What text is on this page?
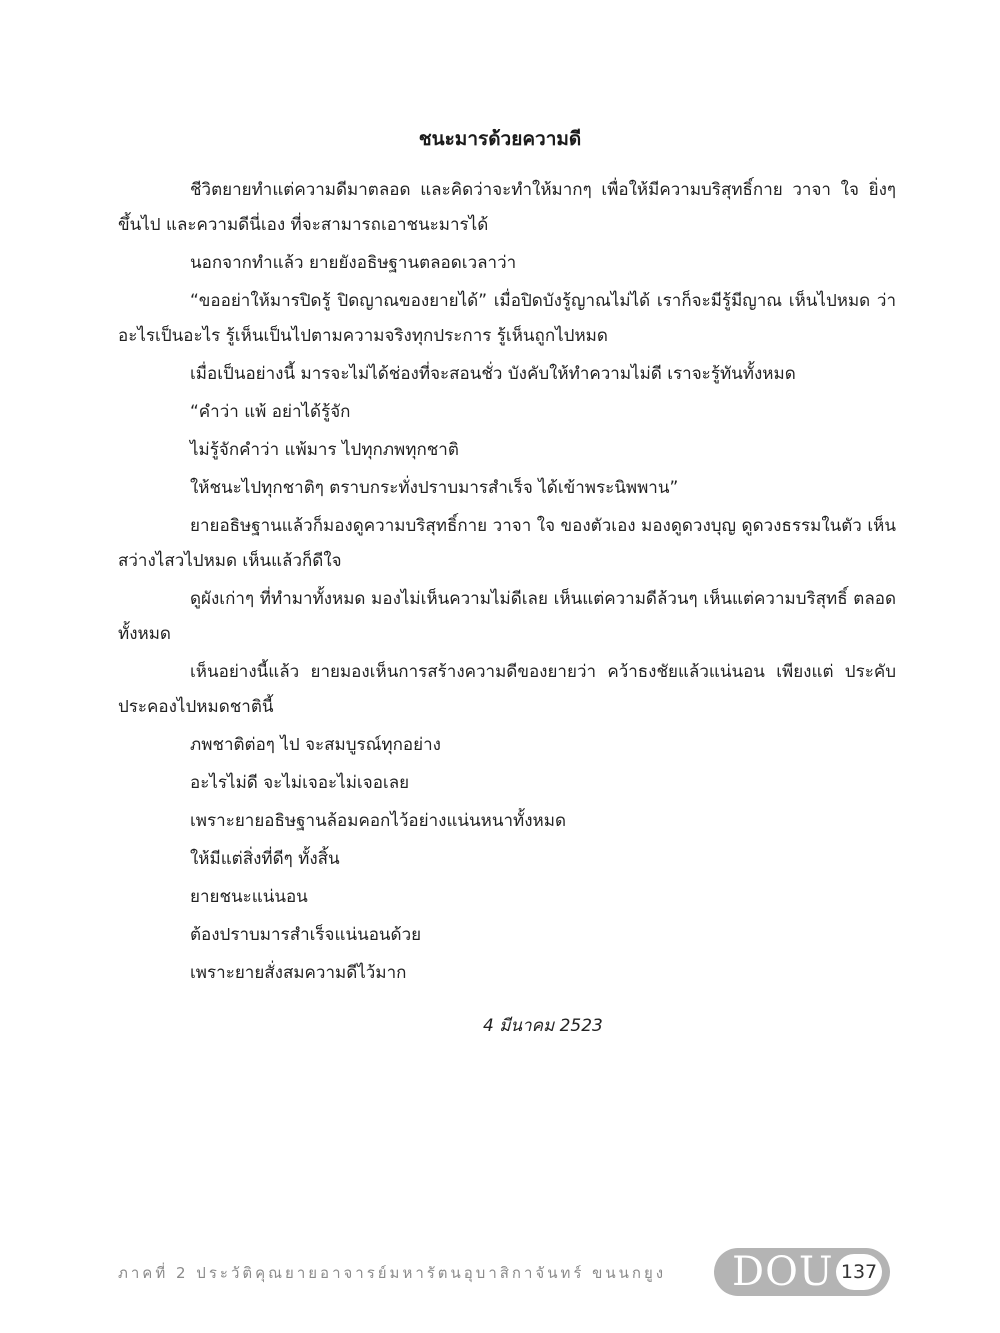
ชนะมารด้วยความดี

ชีวิตยายทำแต่ความดีมาตลอด และคิดว่าจะทำให้มากๆ เพื่อให้มีความบริสุทธิ์กาย วาจา ใจ ยิ่งๆ ขึ้นไป และความดีนี่เอง ที่จะสามารถเอาชนะมารได้

นอกจากทำแล้ว ยายยังอธิษฐานตลอดเวลาว่า

“ขออย่าให้มารปิดรู้ ปิดญาณของยายได้” เมื่อปิดบังรู้ญาณไม่ได้ เราก็จะมีรู้มีญาณ เห็นไปหมด ว่าอะไรเป็นอะไร รู้เห็นเป็นไปตามความจริงทุกประการ รู้เห็นถูกไปหมด

เมื่อเป็นอย่างนี้ มารจะไม่ได้ช่องที่จะสอนชั่ว บังคับให้ทำความไม่ดี เราจะรู้ทันทั้งหมด

“คำว่า แพ้ อย่าได้รู้จัก

ไม่รู้จักคำว่า แพ้มาร ไปทุกภพทุกชาติ

ให้ชนะไปทุกชาติๆ ตราบกระทั่งปราบมารสำเร็จ ได้เข้าพระนิพพาน”

ยายอธิษฐานแล้วก็มองดูความบริสุทธิ์กาย วาจา ใจ ของตัวเอง มองดูดวงบุญ ดูดวงธรรมในตัว เห็นสว่างไสวไปหมด เห็นแล้วก็ดีใจ

ดูผังเก่าๆ ที่ทำมาทั้งหมด มองไม่เห็นความไม่ดีเลย เห็นแต่ความดีล้วนๆ เห็นแต่ความบริสุทธิ์ ตลอดทั้งหมด

เห็นอย่างนี้แล้ว ยายมองเห็นการสร้างความดีของยายว่า คว้าธงชัยแล้วแน่นอน เพียงแต่ ประคับประคองไปหมดชาตินี้

ภพชาติต่อๆ ไป จะสมบูรณ์ทุกอย่าง

อะไรไม่ดี จะไม่เจอะไม่เจอเลย

เพราะยายอธิษฐานล้อมคอกไว้อย่างแน่นหนาทั้งหมด

ให้มีแต่สิ่งที่ดีๆ ทั้งสิ้น

ยายชนะแน่นอน

ต้องปราบมารสำเร็จแน่นอนด้วย

เพราะยายสั่งสมความดีไว้มาก

4 มีนาคม 2523
ภาคที่ 2 ประวัติคุณยายอาจารย์มหารัตนอุบาสิกาจันทร์ ขนนกยูง DOU 137
